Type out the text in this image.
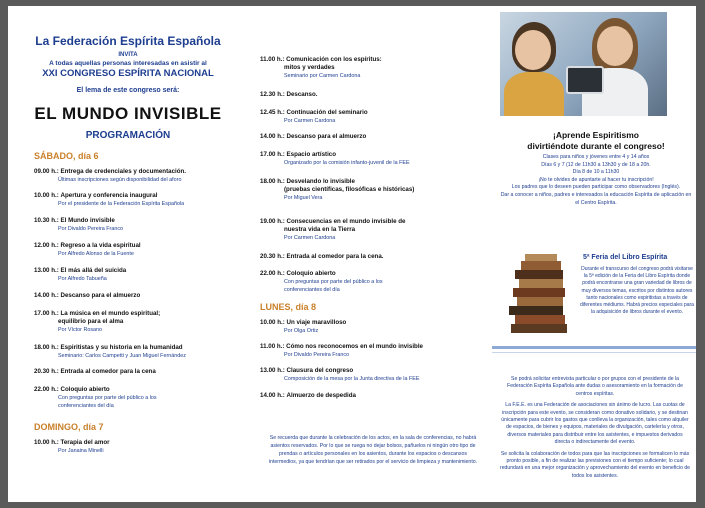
La Federación Espírita Española
INVITA
A todas aquellas personas interesadas en asistir al
XXI CONGRESO ESPÍRITA NACIONAL
El lema de este congreso será:
EL MUNDO INVISIBLE
PROGRAMACIÓN
SÁBADO, día 6
09.00 h.: Entrega de credenciales y documentación.
Últimas inscripciones según disponibilidad del aforo
10.00 h.: Apertura y conferencia inaugural
Por el presidente de la Federación Espírita Española
10.30 h.: El Mundo invisible
Por Divaldo Pereira Franco
12.00 h.: Regreso a la vida espiritual
Por Alfredo Alonso de la Fuente
13.00 h.: El más allá del suicida
Por Alfredo Tabueña
14.00 h.: Descanso para el almuerzo
17.00 h.: La música en el mundo espiritual;
equilibrio para el alma
Por Víctor Rosano
18.00 h.: Espiritistas y su historia en la humanidad
Seminario: Carlos Campetti y Juan Miguel Fernández
20.30 h.: Entrada al comedor para la cena
22.00 h.: Coloquio abierto
Con preguntas por parte del público a los
conferenciantes del día
DOMINGO, día 7
10.00 h.: Terapia del amor
Por Janaina Minelli
11.00 h.: Comunicación con los espíritus:
mitos y verdades
Seminario por Carmen Cardona
12.30 h.: Descanso.
12.45 h.: Continuación del seminario
Por Carmen Cardona
14.00 h.: Descanso para el almuerzo
17.00 h.: Espacio artístico
Organizado por la comisión infanto-juvenil de la FEE
18.00 h.: Desvelando lo invisible
(pruebas científicas, filosóficas e históricas)
Por Miguel Vera
19.00 h.: Consecuencias en el mundo invisible de
nuestra vida en la Tierra
Por Carmen Cardona
20.30 h.: Entrada al comedor para la cena.
22.00 h.: Coloquio abierto
Con preguntas por parte del público a los
conferenciantes del día
LUNES, día 8
10.00 h.: Un viaje maravilloso
Por Olga Ortiz
11.00 h.: Cómo nos reconocemos en el mundo invisible
Por Divaldo Pereira Franco
13.00 h.: Clausura del congreso
Composición de la mesa por la Junta directiva de la FEE
14.00 h.: Almuerzo de despedida
Se recuerda que durante la celebración de los actos, en la sala de conferencias, no habrá asientos reservados. Por lo que se ruega no dejar bolsos, pañuelos ni ningún otro tipo de prendas o artículos personales en los asientos, durante los espacios o descansos intermedios, ya que tendrían que ser retirados por el servicio de limpieza y mantenimiento.
¡Aprende Espiritismo
divirtiéndote durante el congreso!
Clases para niños y jóvenes entre 4 y 14 años
Días 6 y 7 (12 de 11h30 a 13h30 y de 18 a 20h.
Día 8 de 10 a 11h30
¡No te olvides de apuntarte al hacer tu inscripción!
Los padres que lo deseen pueden participar como observadores (Inglés).
Dar a conocer a niños, padres e interesados la educación Espírita de aplicación en el Centro Espírita.
5ª Feria del Libro Espírita
Durante el transcurso del congreso podrá visitarse la 5ª edición de la Feria del Libro Espírita donde podrá encontrarse una gran variedad de libros de muy diversos temas, escritos por distintos autores tanto nacionales como espiritistas a través de diferentes médiums. Habrá precios especiales para la adquisición de libros durante el evento.

Se podrá solicitar entrevista particular o por grupos con el presidente de la Federación Espírita Española ante dudas o asesoramiento en la formación de centros espíritas.

La F.E.E. es una Federación de asociaciones sin ánimo de lucro. Las cuotas de inscripción para este evento, se consideran como donativo solidario, y se destinan únicamente para cubrir los gastos que conlleva la organización, tales como alquiler de espacios, de bienes y equipos, materiales de divulgación, cartelería y otros, diversos materiales para distribuir entre los asistentes, e impuestos derivados directa o indirectamente del evento.

Se solicita la colaboración de todos para que las inscripciones se formalicen lo más pronto posible, a fin de realizar las previsiones con el tiempo suficiente; lo cual redundará en una mejor organización y aprovechamiento del evento en beneficio de todos los asistentes.
